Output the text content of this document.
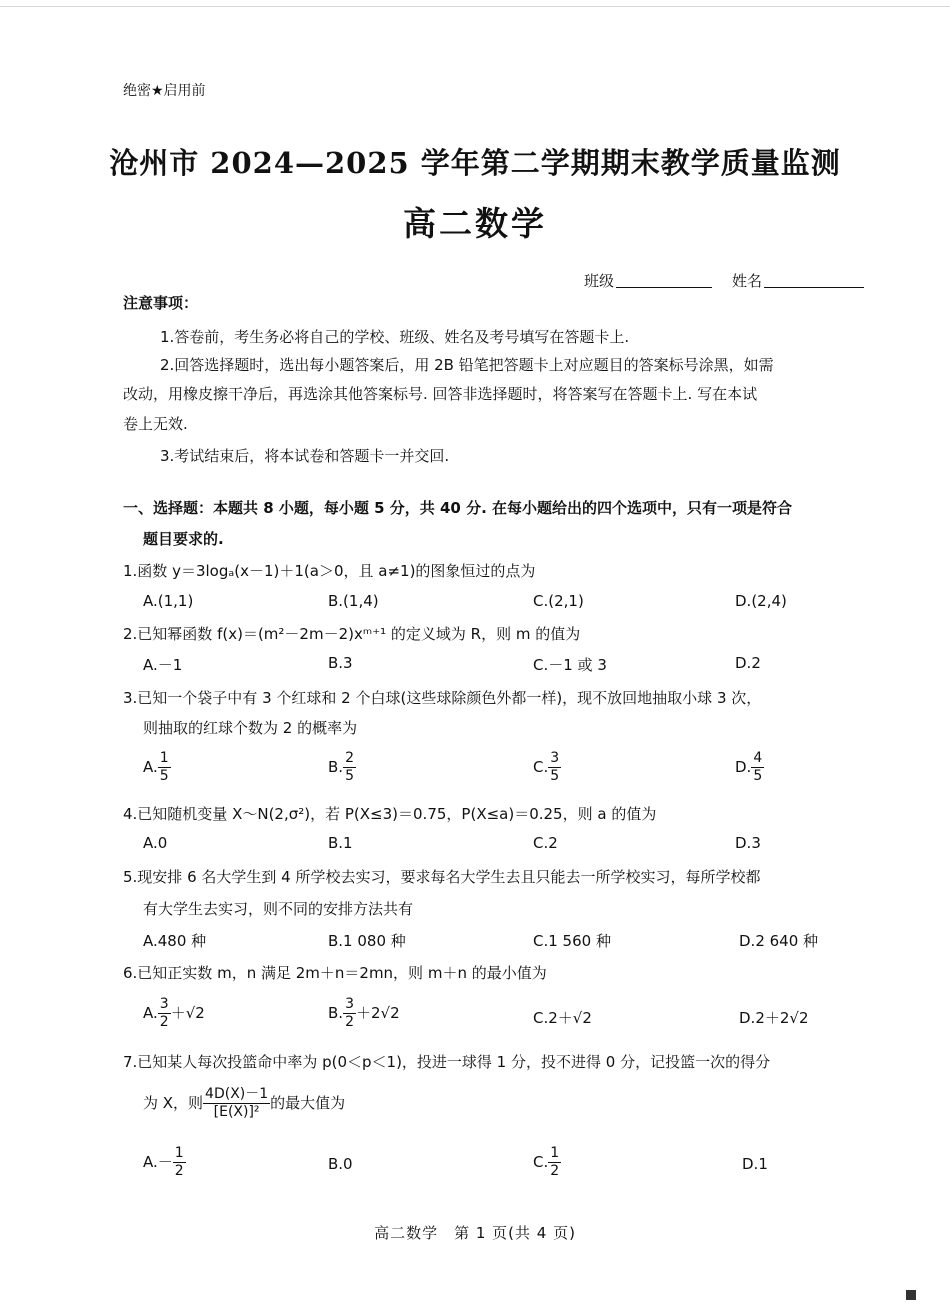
绝密★启用前
沧州市 2024—2025 学年第二学期期末教学质量监测
高二数学
班级	姓名
注意事项：
1.答卷前，考生务必将自己的学校、班级、姓名及考号填写在答题卡上.
2.回答选择题时，选出每小题答案后，用 2B 铅笔把答题卡上对应题目的答案标号涂黑，如需
改动，用橡皮擦干净后，再选涂其他答案标号. 回答非选择题时，将答案写在答题卡上. 写在本试
卷上无效.
3.考试结束后，将本试卷和答题卡一并交回.
一、选择题：本题共 8 小题，每小题 5 分，共 40 分. 在每小题给出的四个选项中，只有一项是符合
题目要求的.
1.函数 y＝3logₐ(x－1)＋1(a＞0，且 a≠1)的图象恒过的点为
A.(1,1)	B.(1,4)	C.(2,1)	D.(2,4)
2.已知幂函数 f(x)＝(m²－2m－2)xᵐ⁺¹ 的定义域为 R，则 m 的值为
A.－1	B.3	C.－1 或 3	D.2
3.已知一个袋子中有 3 个红球和 2 个白球(这些球除颜色外都一样)，现不放回地抽取小球 3 次，
则抽取的红球个数为 2 的概率为
A. $\frac{1}{5}$	B. $\frac{2}{5}$	C. $\frac{3}{5}$	D. $\frac{4}{5}$
4.已知随机变量 X～N(2,σ²)，若 P(X≤3)＝0.75，P(X≤a)＝0.25，则 a 的值为
A.0	B.1	C.2	D.3
5.现安排 6 名大学生到 4 所学校去实习，要求每名大学生去且只能去一所学校实习，每所学校都
有大学生去实习，则不同的安排方法共有
A.480 种	B.1 080 种	C.1 560 种	D.2 640 种
6.已知正实数 m，n 满足 2m＋n＝2mn，则 m＋n 的最小值为
A. $\frac{3}{2} +√2$	B. $\frac{3}{2} +2√2$	C.2＋√2	D.2＋2√2
7.已知某人每次投篮命中率为 p(0＜p＜1)，投进一球得 1 分，投不进得 0 分，记投篮一次的得分
为 X，则 $\frac{4D(X)-1}{\text{[E(X)]²}}$ 的最大值为
$A.- \frac{1}{2}$	B.0	C. $\frac{1}{2}$	D.1
高二数学　第 1 页(共 4 页)
